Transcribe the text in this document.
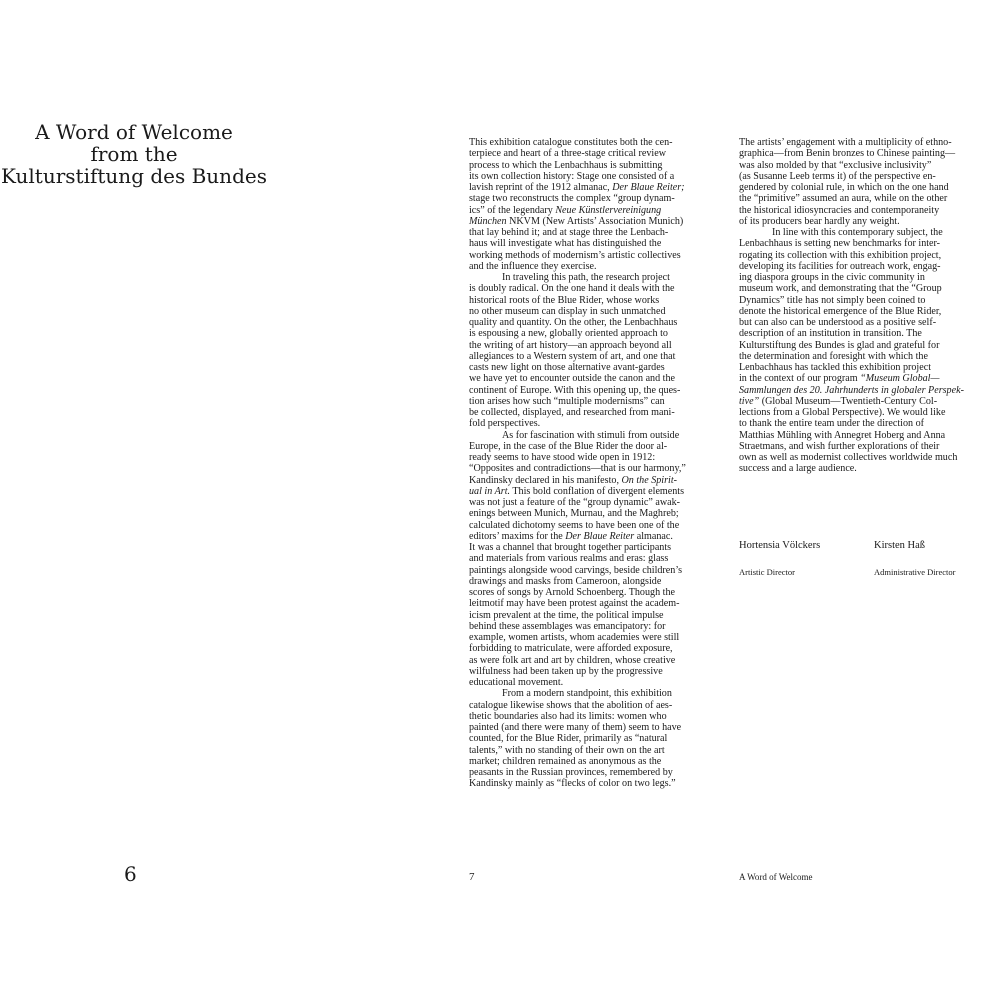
A Word of Welcome
from the
Kulturstiftung des Bundes
6
This exhibition catalogue constitutes both the cen-
terpiece and heart of a three-stage critical review
process to which the Lenbachhaus is submitting
its own collection history: Stage one consisted of a
lavish reprint of the 1912 almanac, Der Blaue Reiter;
stage two reconstructs the complex “group dynam-
ics” of the legendary Neue Künstlervereinigung
München NKVM (New Artists’ Association Munich)
that lay behind it; and at stage three the Lenbach-
haus will investigate what has distinguished the
working methods of modernism’s artistic collectives
and the influence they exercise.
In traveling this path, the research project
is doubly radical. On the one hand it deals with the
historical roots of the Blue Rider, whose works
no other museum can display in such unmatched
quality and quantity. On the other, the Lenbachhaus
is espousing a new, globally oriented approach to
the writing of art history—an approach beyond all
allegiances to a Western system of art, and one that
casts new light on those alternative avant-gardes
we have yet to encounter outside the canon and the
continent of Europe. With this opening up, the ques-
tion arises how such “multiple modernisms” can
be collected, displayed, and researched from mani-
fold perspectives.
As for fascination with stimuli from outside
Europe, in the case of the Blue Rider the door al-
ready seems to have stood wide open in 1912:
“Opposites and contradictions—that is our harmony,”
Kandinsky declared in his manifesto, On the Spirit-
ual in Art. This bold conflation of divergent elements
was not just a feature of the “group dynamic” awak-
enings between Munich, Murnau, and the Maghreb;
calculated dichotomy seems to have been one of the
editors’ maxims for the Der Blaue Reiter almanac.
It was a channel that brought together participants
and materials from various realms and eras: glass
paintings alongside wood carvings, beside children’s
drawings and masks from Cameroon, alongside
scores of songs by Arnold Schoenberg. Though the
leitmotif may have been protest against the academ-
icism prevalent at the time, the political impulse
behind these assemblages was emancipatory: for
example, women artists, whom academies were still
forbidding to matriculate, were afforded exposure,
as were folk art and art by children, whose creative
wilfulness had been taken up by the progressive
educational movement.
From a modern standpoint, this exhibition
catalogue likewise shows that the abolition of aes-
thetic boundaries also had its limits: women who
painted (and there were many of them) seem to have
counted, for the Blue Rider, primarily as “natural
talents,” with no standing of their own on the art
market; children remained as anonymous as the
peasants in the Russian provinces, remembered by
Kandinsky mainly as “flecks of color on two legs.”
The artists’ engagement with a multiplicity of ethno-
graphica—from Benin bronzes to Chinese painting—
was also molded by that “exclusive inclusivity”
(as Susanne Leeb terms it) of the perspective en-
gendered by colonial rule, in which on the one hand
the “primitive” assumed an aura, while on the other
the historical idiosyncracies and contemporaneity
of its producers bear hardly any weight.
In line with this contemporary subject, the
Lenbachhaus is setting new benchmarks for inter-
rogating its collection with this exhibition project,
developing its facilities for outreach work, engag-
ing diaspora groups in the civic community in
museum work, and demonstrating that the “Group
Dynamics” title has not simply been coined to
denote the historical emergence of the Blue Rider,
but can also can be understood as a positive self-
description of an institution in transition. The
Kulturstiftung des Bundes is glad and grateful for
the determination and foresight with which the
Lenbachhaus has tackled this exhibition project
in the context of our program “Museum Global—
Sammlungen des 20. Jahrhunderts in globaler Perspek-
tive” (Global Museum—Twentieth-Century Col-
lections from a Global Perspective). We would like
to thank the entire team under the direction of
Matthias Mühling with Annegret Hoberg and Anna
Straetmans, and wish further explorations of their
own as well as modernist collectives worldwide much
success and a large audience.
Hortensia Völckers
Artistic Director
Kirsten Haß
Administrative Director
7	A Word of Welcome
